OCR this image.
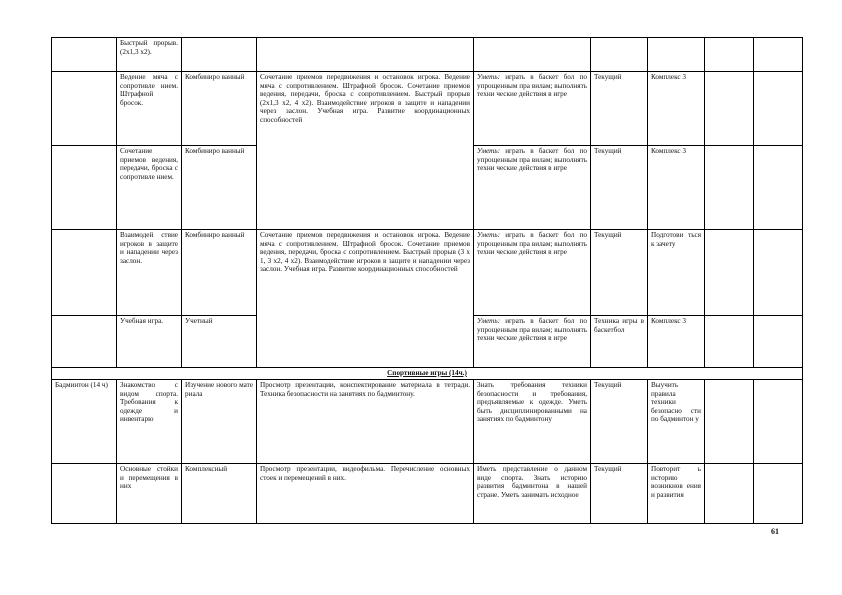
	Быстрый прорыв. (2х1,3 х2).							
	Ведение мяча с сопротивле нием. Штрафной бросок.	Комбиниро ванный	Сочетание приемов передвижения и остановок игрока. Ведение мяча с сопротивлением. Штрафной бросок. Сочетание приемов ведения, передачи, броска с сопротивлением. Быстрый прорыв (2х1,3 х2, 4 х2). Взаимодействие игроков в защите и нападении через заслон. Учебная игра. Развитие координационных способностей	Уметь: играть в баскет бол по упрощенным пра вилам; выполнять техни ческие действия в игре	Текущий	Комплекс 3		
	Сочетание приемов ведения, передачи, броска с сопротивле нием.	Комбиниро ванный		Уметь: играть в баскет бол по упрощенным пра вилам; выполнять техни ческие действия в игре	Текущий	Комплекс 3		
	Взаимодей ствие игроков в защите и нападении через заслон.	Комбиниро ванный	Сочетание приемов передвижения и остановок игрока. Ведение мяча с сопротивлением. Штрафной бросок. Сочетание приемов ведения, передачи, броска с сопротивлением. Быстрый прорыв (3 х 1, 3 х2, 4 х2). Взаимодействие игроков в защите и нападении через заслон. Учебная игра. Развитие координационных способностей	Уметь: играть в баскет бол по упрощенным пра вилам; выполнять техни ческие действия в игре	Текущий	Подготови ться к зачету		
	Учебная игра.	Учетный		Уметь: играть в баскет бол по упрощенным пра вилам; выполнять техни ческие действия в игре	Техника игры в баскетбол	Комплекс 3		
Спортивные игры (14ч.)								
Бадминтон (14 ч)	Знакомство с видом спорта. Требования к одежде и инвентарю	Изучение нового мате риала	Просмотр презентации, конспектирование материала в тетради. Техника безопасности на занятиях по бадминтону.	Знать требования техники безопасности и требования, предъявляемые к одежде. Уметь быть дисциплинированными на занятиях по бадминтону	Текущий	Выучить правила техники безопасно сти по бадминтон у		
	Основные стойки и перемещения в них	Комплексный	Просмотр презентации, видеофильма. Перечисление основных стоек и перемещений в них.	Иметь представление о данном виде спорта. Знать историю развития бадминтона в нашей стране. Уметь занимать исходное	Текущий	Повторит ь историю возникнов ения и развития		
61
